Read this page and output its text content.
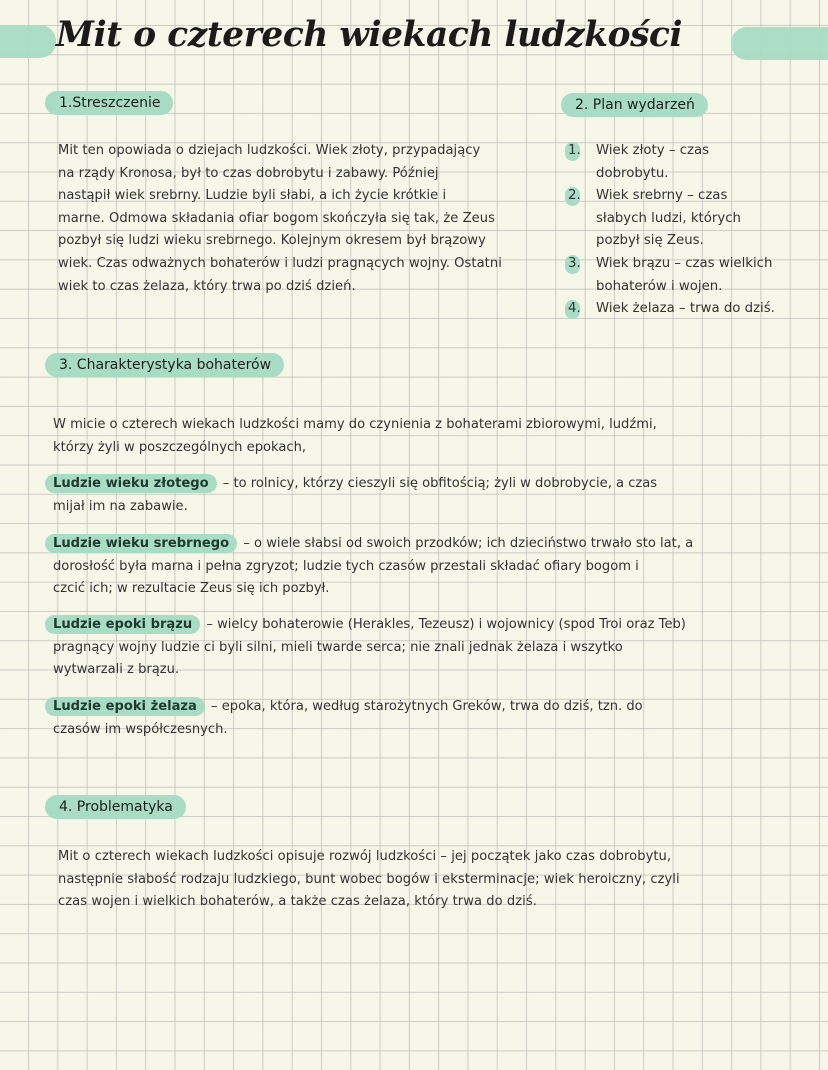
Mit o czterech wiekach ludzkości
1.Streszczenie
Mit ten opowiada o dziejach ludzkości. Wiek złoty, przypadający
na rządy Kronosa, był to czas dobrobytu i zabawy. Później
nastąpił wiek srebrny. Ludzie byli słabi, a ich życie krótkie i
marne. Odmowa składania ofiar bogom skończyła się tak, że Zeus
pozbył się ludzi wieku srebrnego. Kolejnym okresem był brązowy
wiek. Czas odważnych bohaterów i ludzi pragnących wojny. Ostatni
wiek to czas żelaza, który trwa po dziś dzień.
2. Plan wydarzeń
1.	Wiek złoty – czas
dobrobytu.
2.	Wiek srebrny – czas
słabych ludzi, których
pozbył się Zeus.
3.	Wiek brązu – czas wielkich
bohaterów i wojen.
4.	Wiek żelaza – trwa do dziś.
3. Charakterystyka bohaterów
W micie o czterech wiekach ludzkości mamy do czynienia z bohaterami zbiorowymi, ludźmi,
którzy żyli w poszczególnych epokach,
Ludzie wieku złotego – to rolnicy, którzy cieszyli się obfitością; żyli w dobrobycie, a czas
mijał im na zabawie.
Ludzie wieku srebrnego – o wiele słabsi od swoich przodków; ich dzieciństwo trwało sto lat, a
dorosłość była marna i pełna zgryzot; ludzie tych czasów przestali składać ofiary bogom i
czcić ich; w rezultacie Zeus się ich pozbył.
Ludzie epoki brązu – wielcy bohaterowie (Herakles, Tezeusz) i wojownicy (spod Troi oraz Teb)
pragnący wojny ludzie ci byli silni, mieli twarde serca; nie znali jednak żelaza i wszytko
wytwarzali z brązu.
Ludzie epoki żelaza – epoka, która, według starożytnych Greków, trwa do dziś, tzn. do
czasów im współczesnych.
4. Problematyka
Mit o czterech wiekach ludzkości opisuje rozwój ludzkości – jej początek jako czas dobrobytu,
następnie słabość rodzaju ludzkiego, bunt wobec bogów i eksterminacje; wiek heroiczny, czyli
czas wojen i wielkich bohaterów, a także czas żelaza, który trwa do dziś.
